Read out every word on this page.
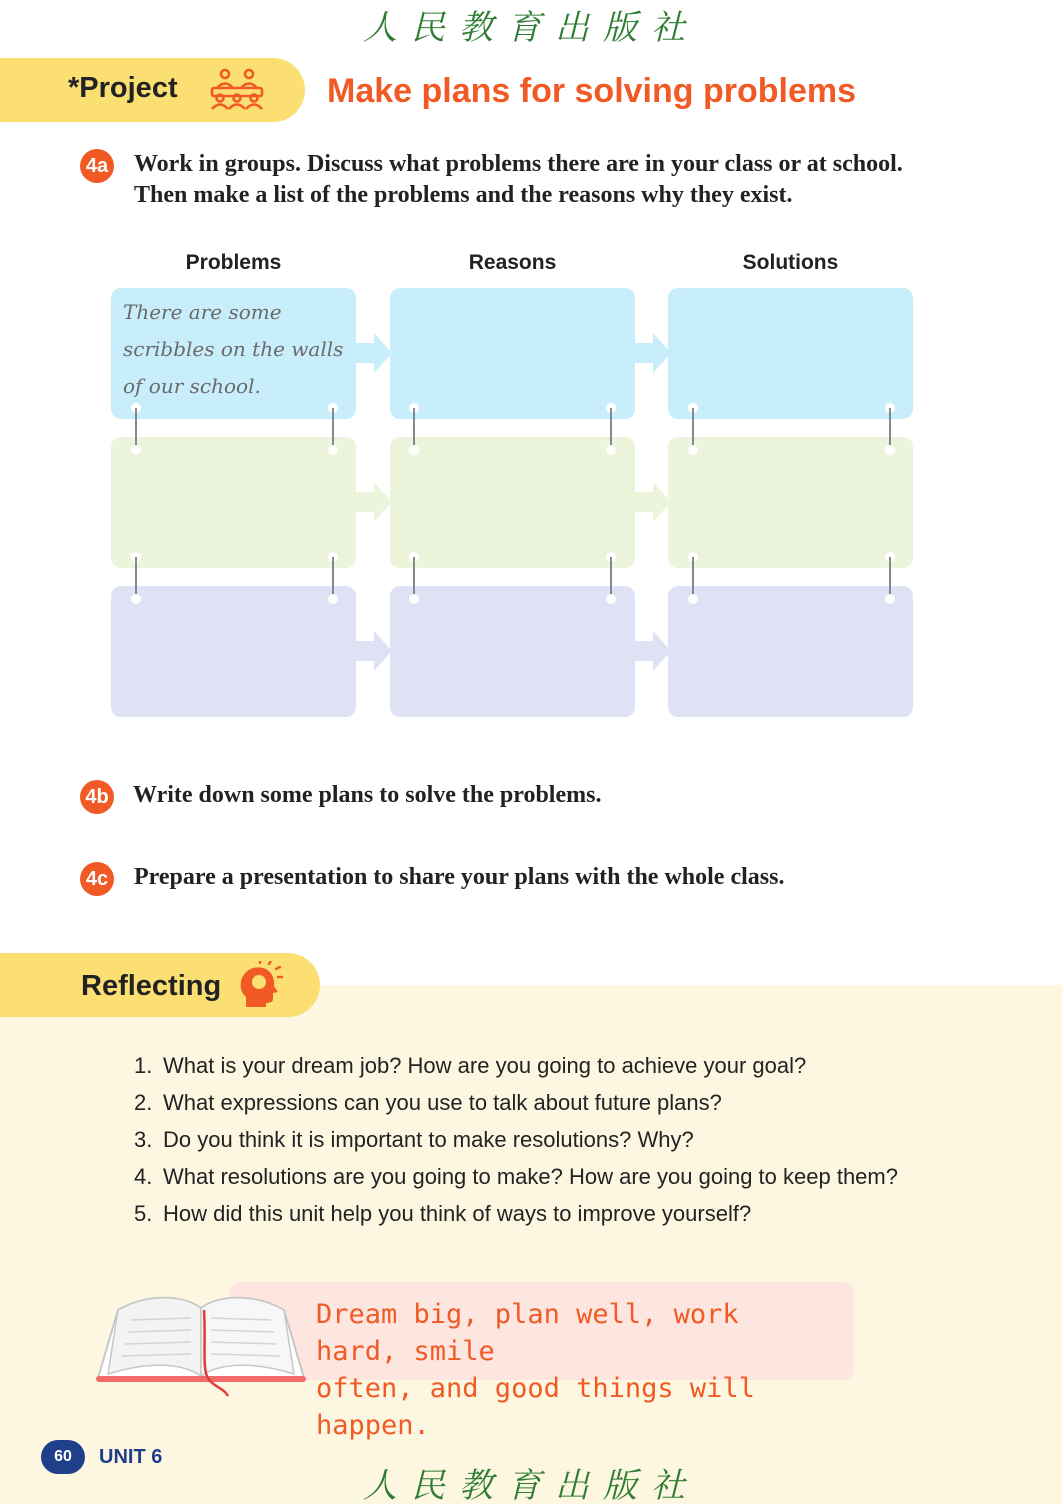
人民教育出版社
*Project	Make plans for solving problems
4a Work in groups. Discuss what problems there are in your class or at school.
Then make a list of the problems and the reasons why they exist.
Problems	Reasons	Solutions
There are some scribbles on the walls of our school.
4b Write down some plans to solve the problems.
4c Prepare a presentation to share your plans with the whole class.
Reflecting
1. What is your dream job? How are you going to achieve your goal?
2. What expressions can you use to talk about future plans?
3. Do you think it is important to make resolutions? Why?
4. What resolutions are you going to make? How are you going to keep them?
5. How did this unit help you think of ways to improve yourself?
Dream big, plan well, work hard, smile
often, and good things will happen.
60	UNIT 6
人民教育出版社
